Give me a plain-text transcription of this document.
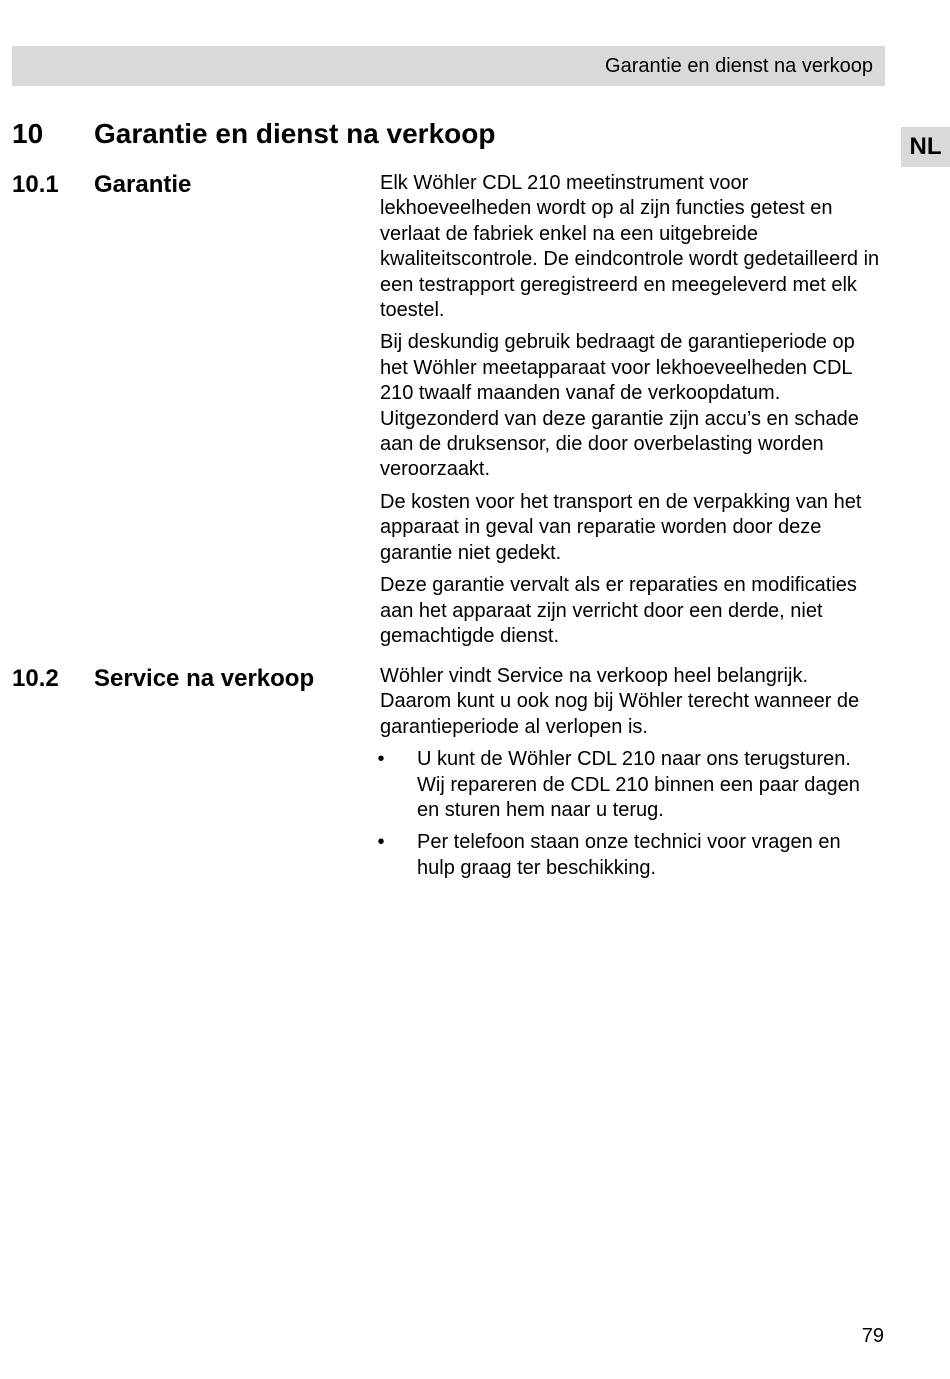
Garantie en dienst na verkoop
NL
10	Garantie en dienst na verkoop
10.1	Garantie	Elk Wöhler CDL 210 meetinstrument voor lekhoeveelheden wordt op al zijn functies getest en verlaat de fabriek enkel na een uitgebreide kwaliteitscontrole. De eindcontrole wordt gedetailleerd in een testrapport geregistreerd en meegeleverd met elk toestel.

Bij deskundig gebruik bedraagt de garantieperiode op het Wöhler meetapparaat voor lekhoeveelheden CDL 210 twaalf maanden vanaf de verkoopdatum. Uitgezonderd van deze garantie zijn accu’s en schade aan de druksensor, die door overbelasting worden veroorzaakt.

De kosten voor het transport en de verpakking van het apparaat in geval van reparatie worden door deze garantie niet gedekt.

Deze garantie vervalt als er reparaties en modificaties aan het apparaat zijn verricht door een derde, niet gemachtigde dienst.

10.2	Service na verkoop	Wöhler vindt Service na verkoop heel belangrijk. Daarom kunt u ook nog bij Wöhler terecht wanneer de garantieperiode al verlopen is.

• U kunt de Wöhler CDL 210 naar ons terugsturen. Wij repareren de CDL 210 binnen een paar dagen en sturen hem naar u terug.
• Per telefoon staan onze technici voor vragen en hulp graag ter beschikking.
79
